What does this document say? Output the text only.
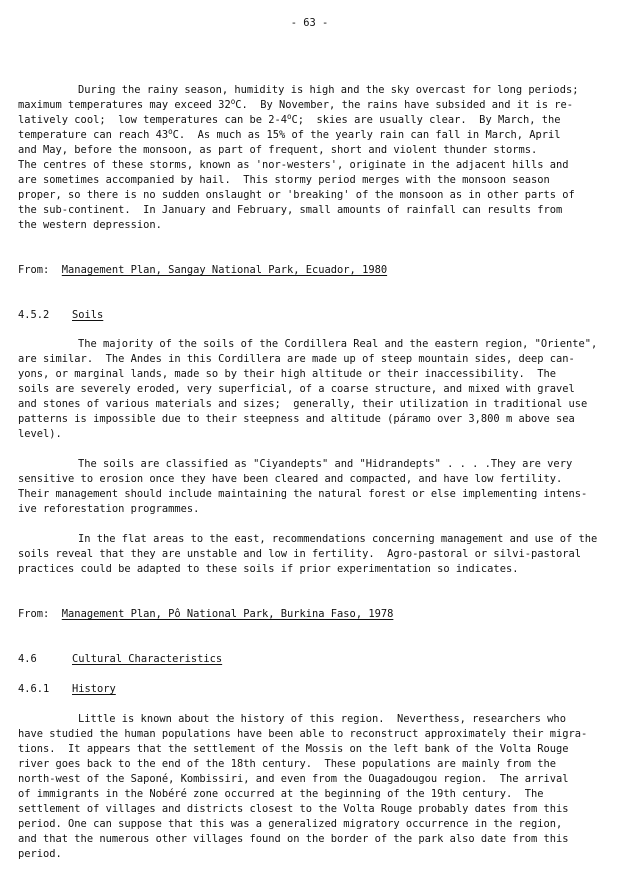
- 63 -
During the rainy season, humidity is high and the sky overcast for long periods;
maximum temperatures may exceed 32$^o$C.  By November, the rains have subsided and it is re-
latively cool;  low temperatures can be 2-4$^o$C;  skies are usually clear.  By March, the
temperature can reach 43$^o$C.  As much as 15% of the yearly rain can fall in March, April
and May, before the monsoon, as part of frequent, short and violent thunder storms.
The centres of these storms, known as 'nor-westers', originate in the adjacent hills and
are sometimes accompanied by hail.  This stormy period merges with the monsoon season
proper, so there is no sudden onslaught or 'breaking' of the monsoon as in other parts of
the sub-continent.  In January and February, small amounts of rainfall can results from
the western depression.
From: Management Plan, Sangay National Park, Ecuador, 1980
4.5.2 Soils
The majority of the soils of the Cordillera Real and the eastern region, "Oriente",
are similar.  The Andes in this Cordillera are made up of steep mountain sides, deep can-
yons, or marginal lands, made so by their high altitude or their inaccessibility.  The
soils are severely eroded, very superficial, of a coarse structure, and mixed with gravel
and stones of various materials and sizes;  generally, their utilization in traditional use
patterns is impossible due to their steepness and altitude (páramo over 3,800 m above sea
level).
The soils are classified as "Ciyandepts" and "Hidrandepts" . . . .They are very
sensitive to erosion once they have been cleared and compacted, and have low fertility.
Their management should include maintaining the natural forest or else implementing intens-
ive reforestation programmes.
In the flat areas to the east, recommendations concerning management and use of the
soils reveal that they are unstable and low in fertility.  Agro-pastoral or silvi-pastoral
practices could be adapted to these soils if prior experimentation so indicates.
From: Management Plan, Pô National Park, Burkina Faso, 1978
4.6	Cultural Characteristics
4.6.1 History
Little is known about the history of this region.  Neverthess, researchers who
have studied the human populations have been able to reconstruct approximately their migra-
tions.  It appears that the settlement of the Mossis on the left bank of the Volta Rouge
river goes back to the end of the 18th century.  These populations are mainly from the
north-west of the Saponé, Kombissiri, and even from the Ouagadougou region.  The arrival
of immigrants in the Nobéré zone occurred at the beginning of the 19th century.  The
settlement of villages and districts closest to the Volta Rouge probably dates from this
period. One can suppose that this was a generalized migratory occurrence in the region,
and that the numerous other villages found on the border of the park also date from this
period.
